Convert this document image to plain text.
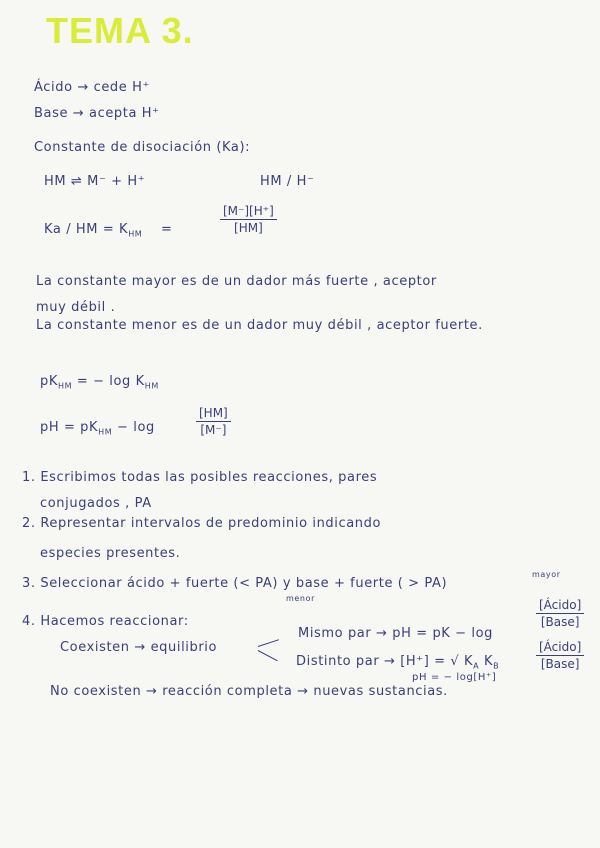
TEMA 3.
Ácido → cede H⁺
Base → acepta H⁺
Constante de disociación (Ka):
HM ⇌ M⁻ + H⁺	HM / H⁻
Ka / HM = $K_{HM}$ =	$\frac{[M^-][H^+]}{[HM]}$
La constante mayor es de un dador más fuerte , aceptor
muy débil .
La constante menor es de un dador muy débil , aceptor fuerte.
$pK_{HM}$ = − $\log K_{HM}$
pH = $pK_{HM} - \log$	$\frac{[HM]}{[M^-]}$
1. Escribimos todas las posibles reacciones, pares
conjugados , PA
2. Representar intervalos de predominio indicando
especies presentes.
3. Seleccionar ácido + fuerte (< PA) y base + fuerte ( > PA)
menor
mayor
4. Hacemos reaccionar:
Coexisten → equilibrio
Mismo par → pH = pK − log
[Ácido]
[Base]
Distinto par → [H⁺] = √ $K_A$ $K_B$
[Ácido]
[Base]
pH = − log[H⁺]
No coexisten → reacción completa → nuevas sustancias.
